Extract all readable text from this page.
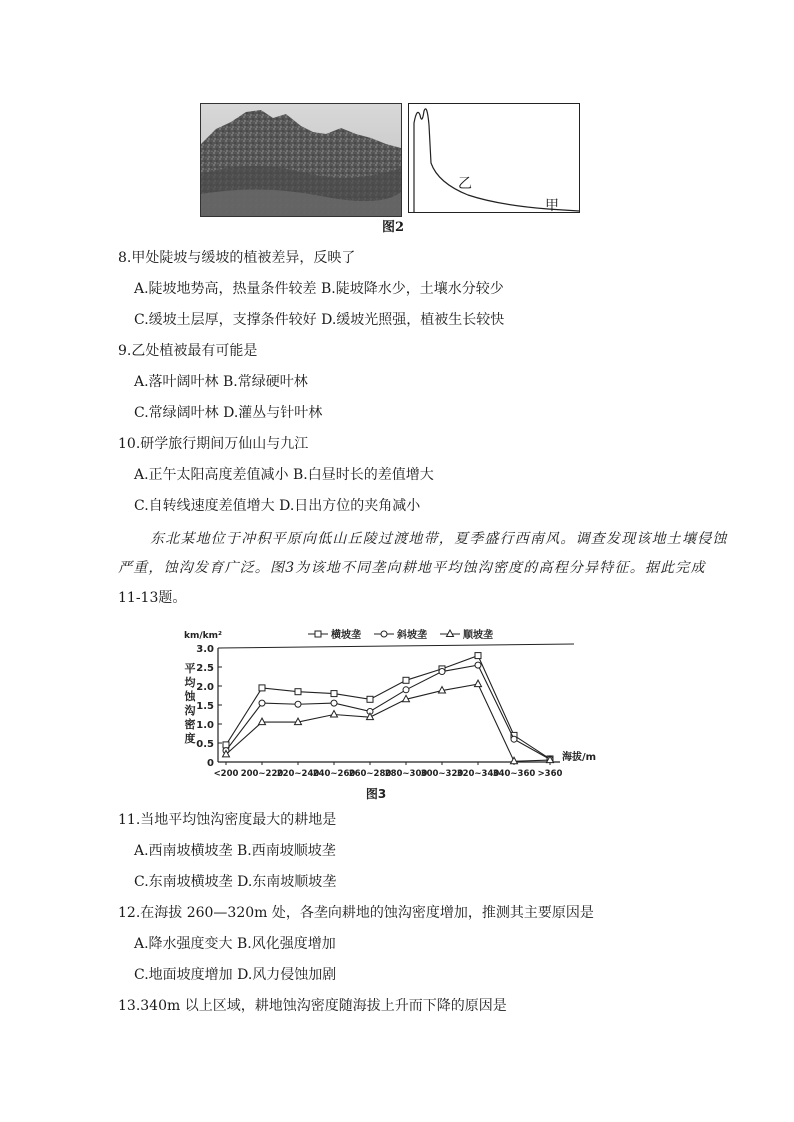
乙
甲
图2
8.甲处陡坡与缓坡的植被差异，反映了
A.陡坡地势高，热量条件较差 B.陡坡降水少，土壤水分较少
C.缓坡土层厚，支撑条件较好 D.缓坡光照强，植被生长较快
9.乙处植被最有可能是
A.落叶阔叶林 B.常绿硬叶林
C.常绿阔叶林 D.灌丛与针叶林
10.研学旅行期间万仙山与九江
A.正午太阳高度差值减小 B.白昼时长的差值增大
C.自转线速度差值增大 D.日出方位的夹角减小
东北某地位于冲积平原向低山丘陵过渡地带，夏季盛行西南风。调查发现该地土壤侵蚀
严重，蚀沟发育广泛。图3为该地不同垄向耕地平均蚀沟密度的高程分异特征。据此完成
11-13题。
km/km²
0
0.5
1.0
1.5
2.0
2.5
3.0
平
均
蚀
沟
密
度
<200 200~220
220~240
240~260
260~280
280~300
300~320
320~340
340~360 >360
海拔/m
横坡垄	斜坡垄	顺坡垄
图3
11.当地平均蚀沟密度最大的耕地是
A.西南坡横坡垄 B.西南坡顺坡垄
C.东南坡横坡垄 D.东南坡顺坡垄
12.在海拔 260—320m 处，各垄向耕地的蚀沟密度增加，推测其主要原因是
A.降水强度变大 B.风化强度增加
C.地面坡度增加 D.风力侵蚀加剧
13.340m 以上区域，耕地蚀沟密度随海拔上升而下降的原因是
